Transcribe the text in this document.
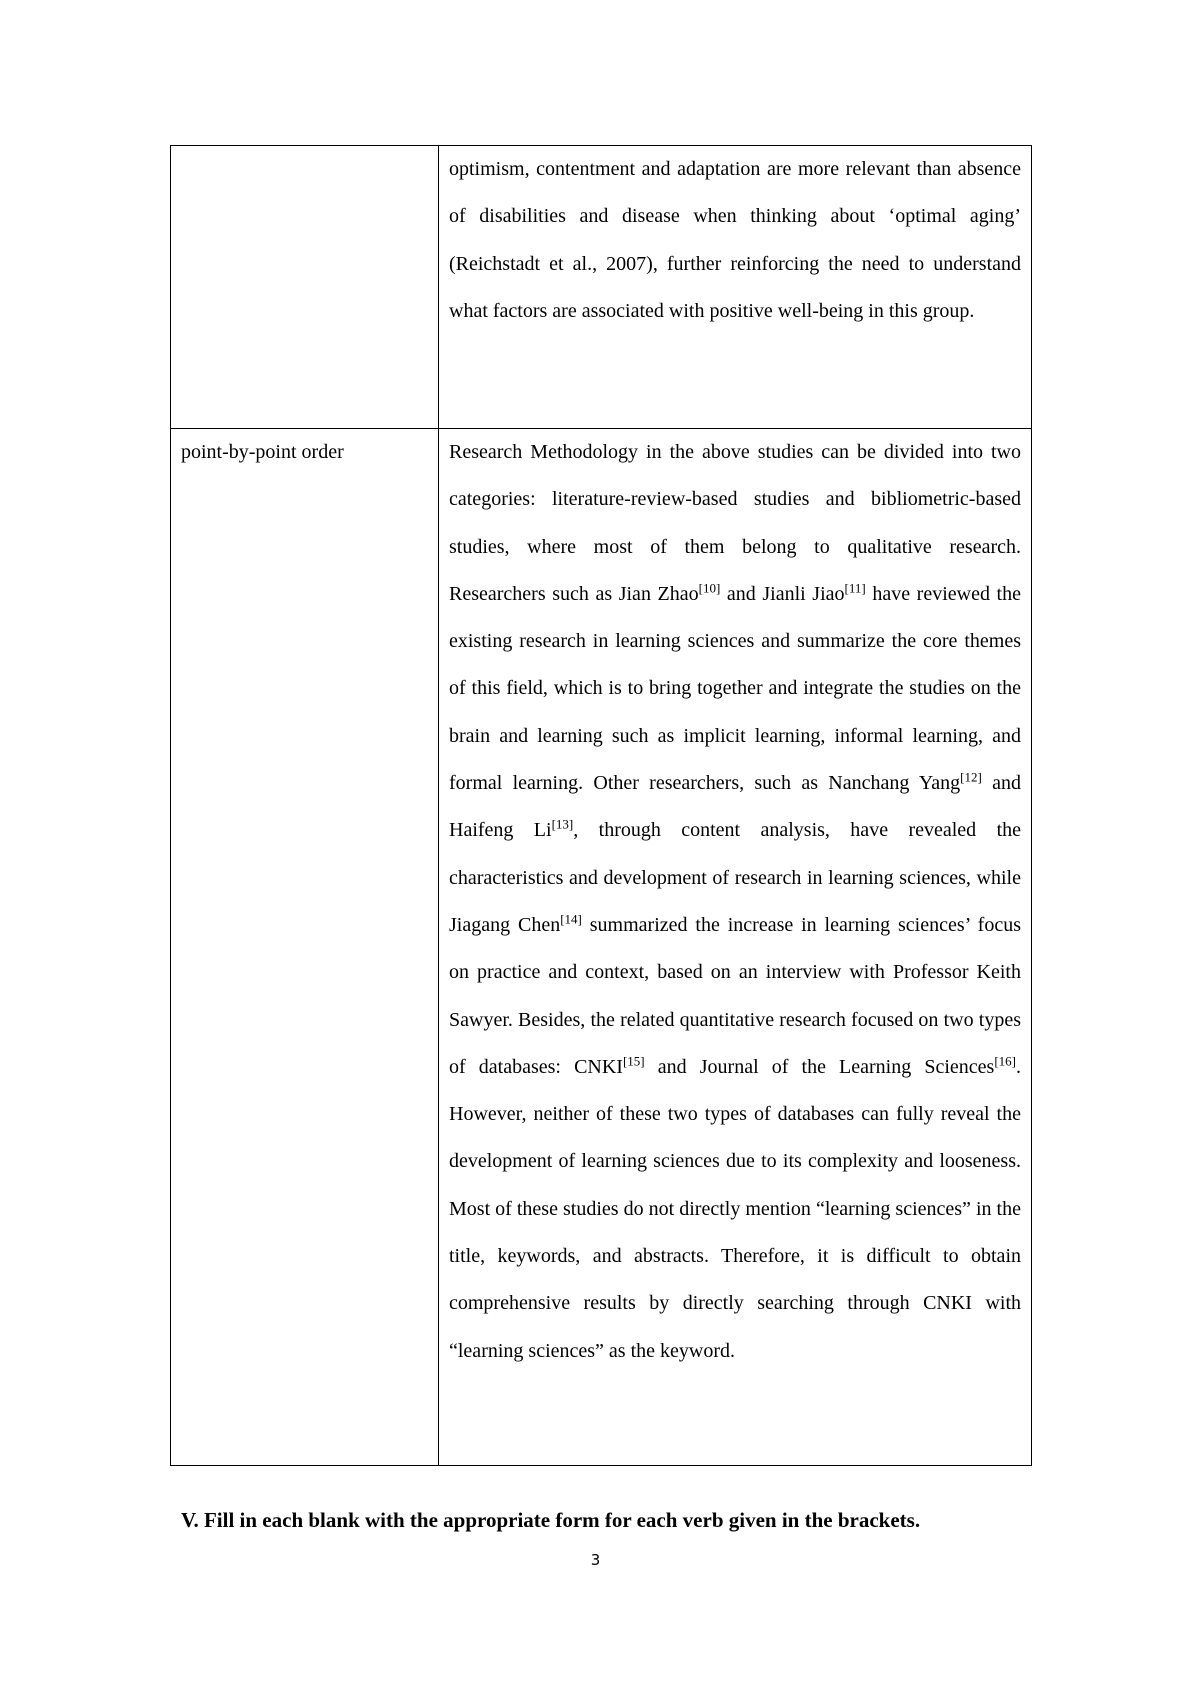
	optimism, contentment and adaptation are more relevant than absence of disabilities and disease when thinking about ‘optimal aging’ (Reichstadt et al., 2007), further reinforcing the need to understand what factors are associated with positive well-being in this group.

point-by-point order	Research Methodology in the above studies can be divided into two categories: literature-review-based studies and bibliometric-based studies, where most of them belong to qualitative research. Researchers such as Jian Zhao[10] and Jianli Jiao[11] have reviewed the existing research in learning sciences and summarize the core themes of this field, which is to bring together and integrate the studies on the brain and learning such as implicit learning, informal learning, and formal learning. Other researchers, such as Nanchang Yang[12] and Haifeng Li[13], through content analysis, have revealed the characteristics and development of research in learning sciences, while Jiagang Chen[14] summarized the increase in learning sciences’ focus on practice and context, based on an interview with Professor Keith Sawyer. Besides, the related quantitative research focused on two types of databases: CNKI[15] and Journal of the Learning Sciences[16]. However, neither of these two types of databases can fully reveal the development of learning sciences due to its complexity and looseness. Most of these studies do not directly mention “learning sciences” in the title, keywords, and abstracts. Therefore, it is difficult to obtain comprehensive results by directly searching through CNKI with “learning sciences” as the keyword.

V. Fill in each blank with the appropriate form for each verb given in the brackets.

3
